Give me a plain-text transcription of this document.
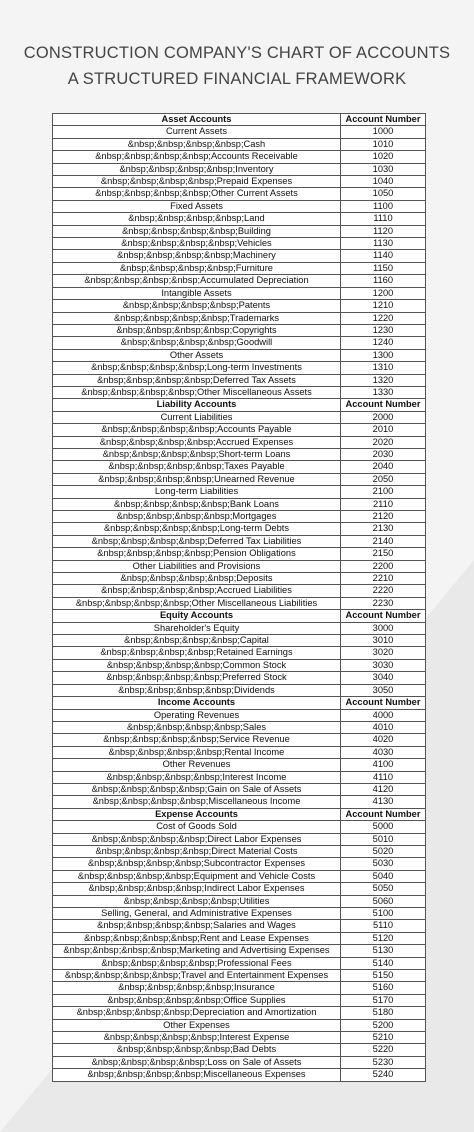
CONSTRUCTION COMPANY'S CHART OF ACCOUNTS
A STRUCTURED FINANCIAL FRAMEWORK
Asset Accounts	Account Number
Current Assets	1000
&nbsp;&nbsp;&nbsp;&nbsp;Cash	1010
&nbsp;&nbsp;&nbsp;&nbsp;Accounts Receivable	1020
&nbsp;&nbsp;&nbsp;&nbsp;Inventory	1030
&nbsp;&nbsp;&nbsp;&nbsp;Prepaid Expenses	1040
&nbsp;&nbsp;&nbsp;&nbsp;Other Current Assets	1050
Fixed Assets	1100
&nbsp;&nbsp;&nbsp;&nbsp;Land	1110
&nbsp;&nbsp;&nbsp;&nbsp;Building	1120
&nbsp;&nbsp;&nbsp;&nbsp;Vehicles	1130
&nbsp;&nbsp;&nbsp;&nbsp;Machinery	1140
&nbsp;&nbsp;&nbsp;&nbsp;Furniture	1150
&nbsp;&nbsp;&nbsp;&nbsp;Accumulated Depreciation	1160
Intangible Assets	1200
&nbsp;&nbsp;&nbsp;&nbsp;Patents	1210
&nbsp;&nbsp;&nbsp;&nbsp;Trademarks	1220
&nbsp;&nbsp;&nbsp;&nbsp;Copyrights	1230
&nbsp;&nbsp;&nbsp;&nbsp;Goodwill	1240
Other Assets	1300
&nbsp;&nbsp;&nbsp;&nbsp;Long-term Investments	1310
&nbsp;&nbsp;&nbsp;&nbsp;Deferred Tax Assets	1320
&nbsp;&nbsp;&nbsp;&nbsp;Other Miscellaneous Assets	1330
Liability Accounts	Account Number
Current Liabilities	2000
&nbsp;&nbsp;&nbsp;&nbsp;Accounts Payable	2010
&nbsp;&nbsp;&nbsp;&nbsp;Accrued Expenses	2020
&nbsp;&nbsp;&nbsp;&nbsp;Short-term Loans	2030
&nbsp;&nbsp;&nbsp;&nbsp;Taxes Payable	2040
&nbsp;&nbsp;&nbsp;&nbsp;Unearned Revenue	2050
Long-term Liabilities	2100
&nbsp;&nbsp;&nbsp;&nbsp;Bank Loans	2110
&nbsp;&nbsp;&nbsp;&nbsp;Mortgages	2120
&nbsp;&nbsp;&nbsp;&nbsp;Long-term Debts	2130
&nbsp;&nbsp;&nbsp;&nbsp;Deferred Tax Liabilities	2140
&nbsp;&nbsp;&nbsp;&nbsp;Pension Obligations	2150
Other Liabilities and Provisions	2200
&nbsp;&nbsp;&nbsp;&nbsp;Deposits	2210
&nbsp;&nbsp;&nbsp;&nbsp;Accrued Liabilities	2220
&nbsp;&nbsp;&nbsp;&nbsp;Other Miscellaneous Liabilities	2230
Equity Accounts	Account Number
Shareholder's Equity	3000
&nbsp;&nbsp;&nbsp;&nbsp;Capital	3010
&nbsp;&nbsp;&nbsp;&nbsp;Retained Earnings	3020
&nbsp;&nbsp;&nbsp;&nbsp;Common Stock	3030
&nbsp;&nbsp;&nbsp;&nbsp;Preferred Stock	3040
&nbsp;&nbsp;&nbsp;&nbsp;Dividends	3050
Income Accounts	Account Number
Operating Revenues	4000
&nbsp;&nbsp;&nbsp;&nbsp;Sales	4010
&nbsp;&nbsp;&nbsp;&nbsp;Service Revenue	4020
&nbsp;&nbsp;&nbsp;&nbsp;Rental Income	4030
Other Revenues	4100
&nbsp;&nbsp;&nbsp;&nbsp;Interest Income	4110
&nbsp;&nbsp;&nbsp;&nbsp;Gain on Sale of Assets	4120
&nbsp;&nbsp;&nbsp;&nbsp;Miscellaneous Income	4130
Expense Accounts	Account Number
Cost of Goods Sold	5000
&nbsp;&nbsp;&nbsp;&nbsp;Direct Labor Expenses	5010
&nbsp;&nbsp;&nbsp;&nbsp;Direct Material Costs	5020
&nbsp;&nbsp;&nbsp;&nbsp;Subcontractor Expenses	5030
&nbsp;&nbsp;&nbsp;&nbsp;Equipment and Vehicle Costs	5040
&nbsp;&nbsp;&nbsp;&nbsp;Indirect Labor Expenses	5050
&nbsp;&nbsp;&nbsp;&nbsp;Utilities	5060
Selling, General, and Administrative Expenses	5100
&nbsp;&nbsp;&nbsp;&nbsp;Salaries and Wages	5110
&nbsp;&nbsp;&nbsp;&nbsp;Rent and Lease Expenses	5120
&nbsp;&nbsp;&nbsp;&nbsp;Marketing and Advertising Expenses	5130
&nbsp;&nbsp;&nbsp;&nbsp;Professional Fees	5140
&nbsp;&nbsp;&nbsp;&nbsp;Travel and Entertainment Expenses	5150
&nbsp;&nbsp;&nbsp;&nbsp;Insurance	5160
&nbsp;&nbsp;&nbsp;&nbsp;Office Supplies	5170
&nbsp;&nbsp;&nbsp;&nbsp;Depreciation and Amortization	5180
Other Expenses	5200
&nbsp;&nbsp;&nbsp;&nbsp;Interest Expense	5210
&nbsp;&nbsp;&nbsp;&nbsp;Bad Debts	5220
&nbsp;&nbsp;&nbsp;&nbsp;Loss on Sale of Assets	5230
&nbsp;&nbsp;&nbsp;&nbsp;Miscellaneous Expenses	5240
